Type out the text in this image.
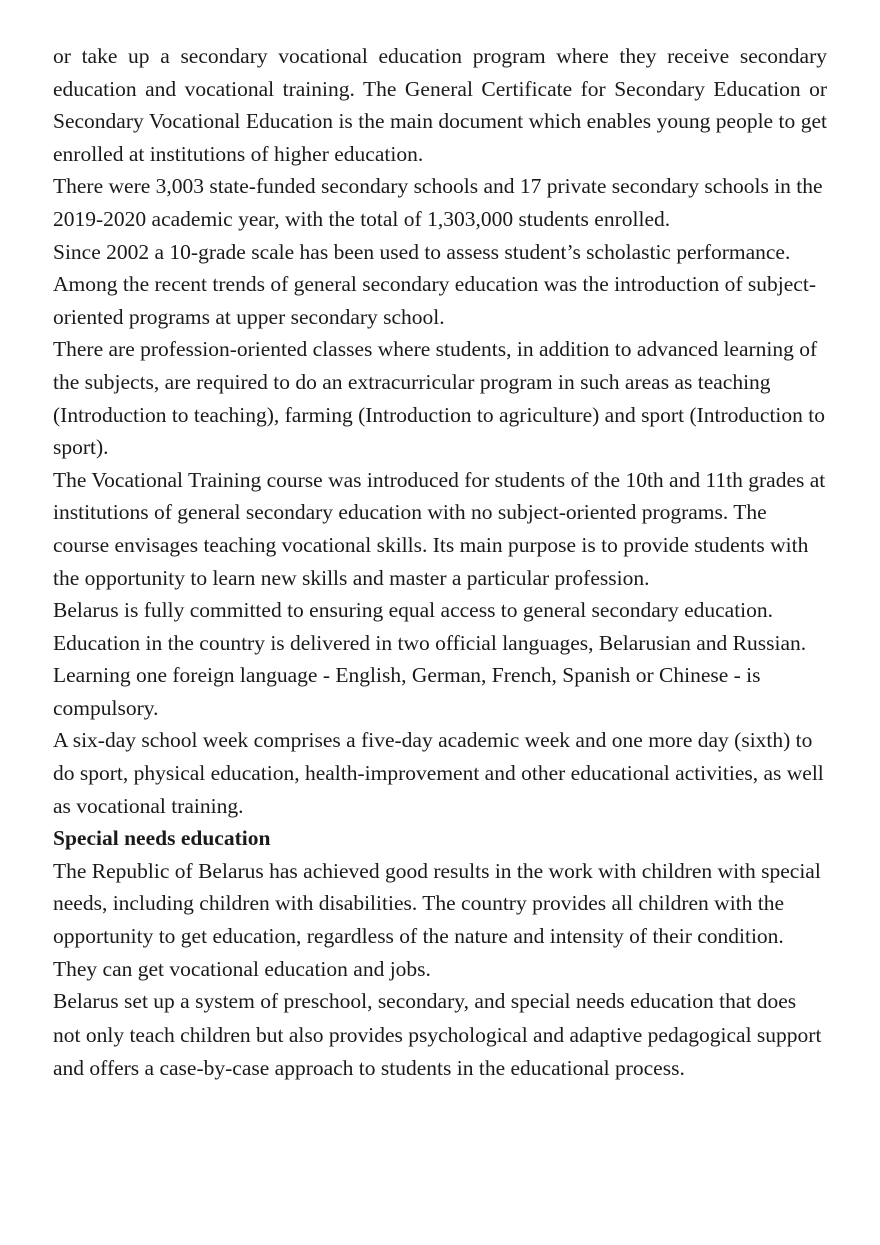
or take up a secondary vocational education program where they receive secondary education and vocational training. The General Certificate for Secondary Education or Secondary Vocational Education is the main document which enables young people to get enrolled at institutions of higher education.

There were 3,003 state-funded secondary schools and 17 private secondary schools in the 2019-2020 academic year, with the total of 1,303,000 students enrolled.

Since 2002 a 10-grade scale has been used to assess student’s scholastic performance.

Among the recent trends of general secondary education was the introduction of subject-oriented programs at upper secondary school.

There are profession-oriented classes where students, in addition to advanced learning of the subjects, are required to do an extracurricular program in such areas as teaching (Introduction to teaching), farming (Introduction to agriculture) and sport (Introduction to sport).

The Vocational Training course was introduced for students of the 10th and 11th grades at institutions of general secondary education with no subject-oriented programs. The course envisages teaching vocational skills. Its main purpose is to provide students with the opportunity to learn new skills and master a particular profession.

Belarus is fully committed to ensuring equal access to general secondary education. Education in the country is delivered in two official languages, Belarusian and Russian. Learning one foreign language - English, German, French, Spanish or Chinese - is compulsory.

A six-day school week comprises a five-day academic week and one more day (sixth) to do sport, physical education, health-improvement and other educational activities, as well as vocational training.

Special needs education

The Republic of Belarus has achieved good results in the work with children with special needs, including children with disabilities. The country provides all children with the opportunity to get education, regardless of the nature and intensity of their condition. They can get vocational education and jobs.

Belarus set up a system of preschool, secondary, and special needs education that does not only teach children but also provides psychological and adaptive pedagogical support and offers a case-by-case approach to students in the educational process.
